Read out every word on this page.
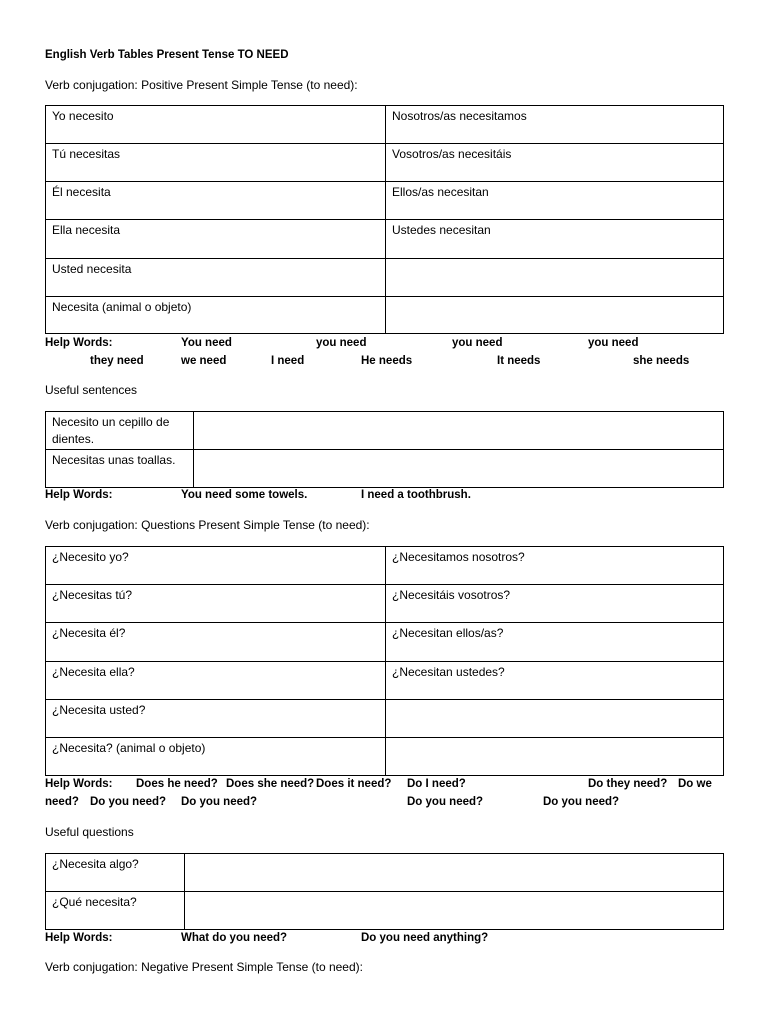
English Verb Tables Present Tense TO NEED
Verb conjugation: Positive Present Simple Tense (to need):
Yo necesito	Nosotros/as necesitamos
Tú necesitas	Vosotros/as necesitáis
Él necesita	Ellos/as necesitan
Ella necesita	Ustedes necesitan
Usted necesita	
Necesita (animal o objeto)	
Help Words:	You need	you need	you need	you need
they need	we need	I need	He needs	It needs	she needs
Useful sentences
Necesito un cepillo de dientes.	
Necesitas unas toallas.	
Help Words:	You need some towels.	I need a toothbrush.
Verb conjugation: Questions Present Simple Tense (to need):
¿Necesito yo?	¿Necesitamos nosotros?
¿Necesitas tú?	¿Necesitáis vosotros?
¿Necesita él?	¿Necesitan ellos/as?
¿Necesita ella?	¿Necesitan ustedes?
¿Necesita usted?	
¿Necesita? (animal o objeto)	
Help Words: Does he need? Does she need? Does it need? Do I need?	Do they need? Do we
need? Do you need? Do you need?	Do you need?	Do you need?
Useful questions
¿Necesita algo?	
¿Qué necesita?	
Help Words:	What do you need?	Do you need anything?
Verb conjugation: Negative Present Simple Tense (to need):
